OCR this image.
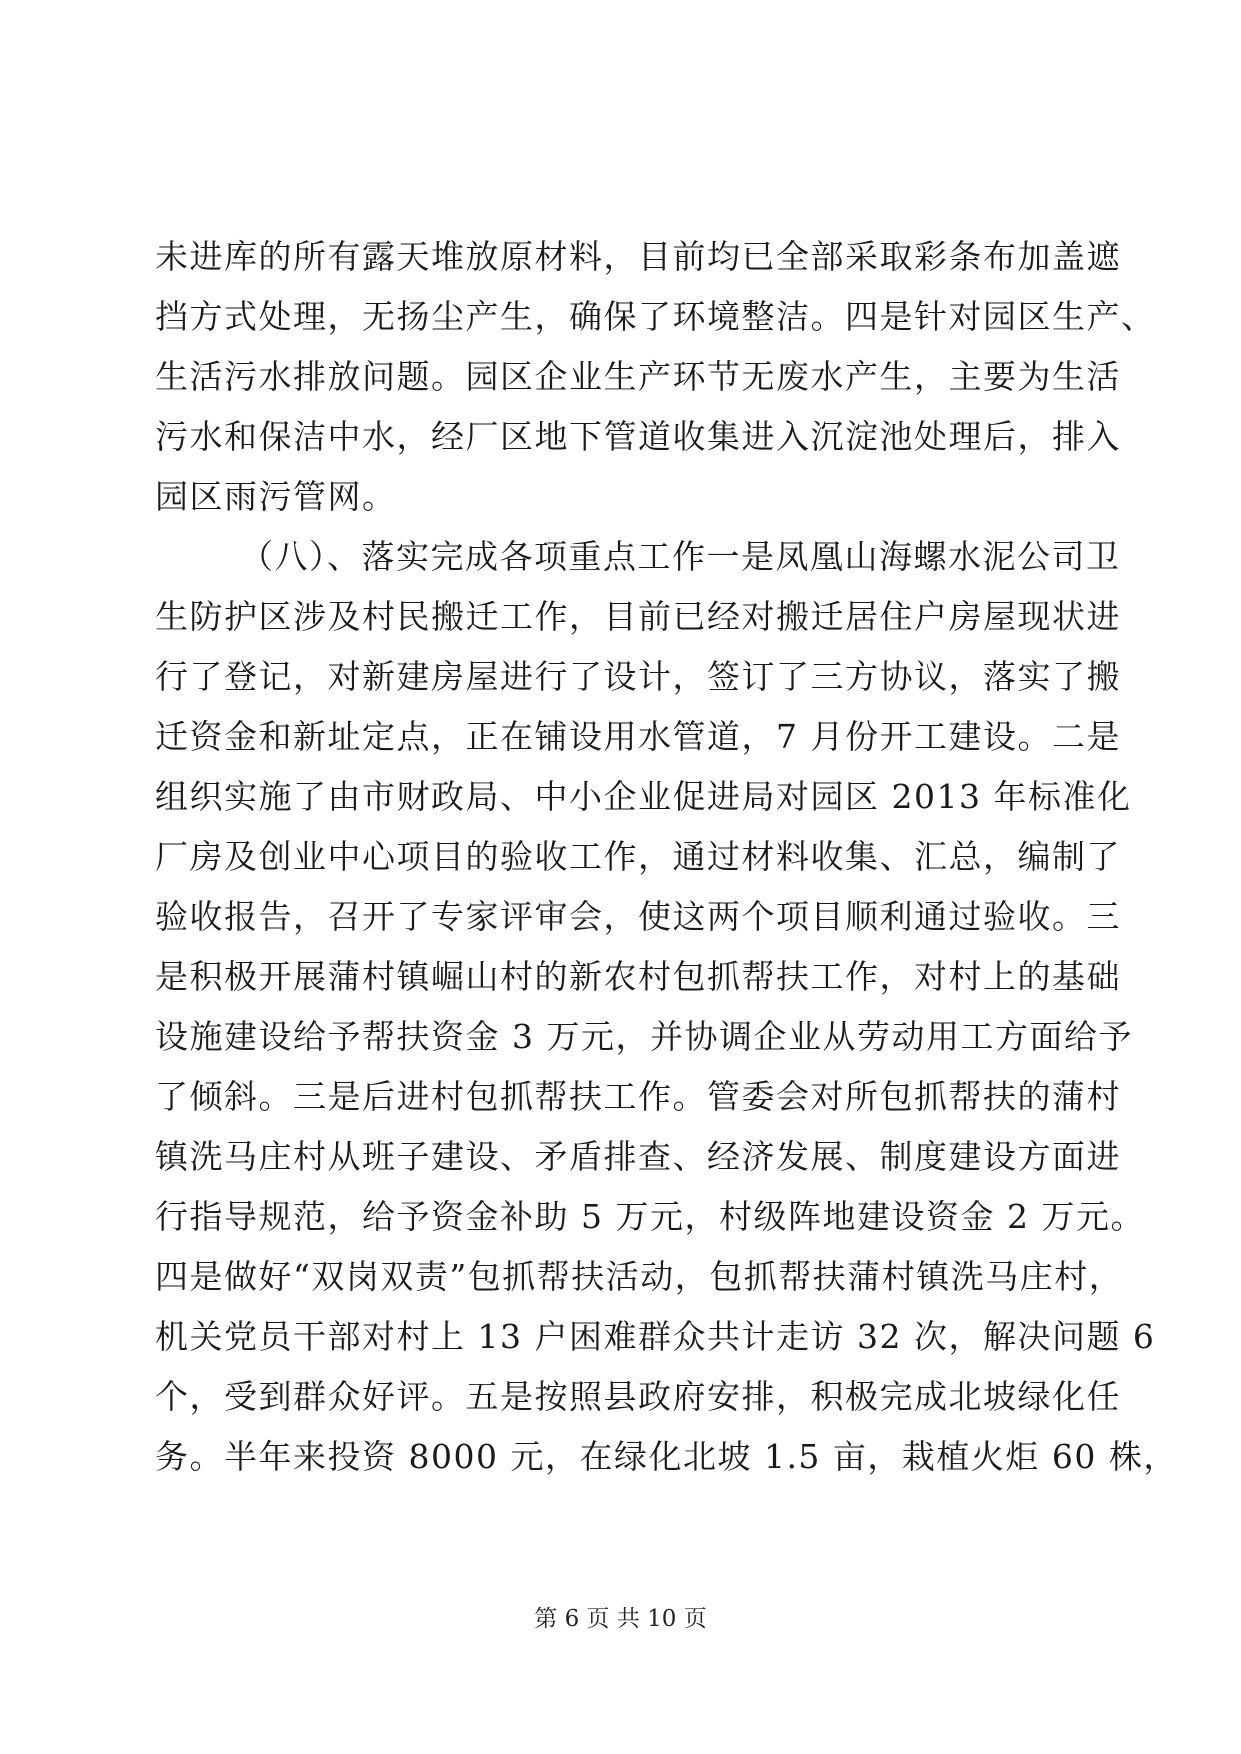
未进库的所有露天堆放原材料，目前均已全部采取彩条布加盖遮
挡方式处理，无扬尘产生，确保了环境整洁。四是针对园区生产、
生活污水排放问题。园区企业生产环节无废水产生，主要为生活
污水和保洁中水，经厂区地下管道收集进入沉淀池处理后，排入
园区雨污管网。
（八）、落实完成各项重点工作一是凤凰山海螺水泥公司卫
生防护区涉及村民搬迁工作，目前已经对搬迁居住户房屋现状进
行了登记，对新建房屋进行了设计，签订了三方协议，落实了搬
迁资金和新址定点，正在铺设用水管道，7 月份开工建设。二是
组织实施了由市财政局、中小企业促进局对园区 2013 年标准化
厂房及创业中心项目的验收工作，通过材料收集、汇总，编制了
验收报告，召开了专家评审会，使这两个项目顺利通过验收。三
是积极开展蒲村镇崛山村的新农村包抓帮扶工作，对村上的基础
设施建设给予帮扶资金 3 万元，并协调企业从劳动用工方面给予
了倾斜。三是后进村包抓帮扶工作。管委会对所包抓帮扶的蒲村
镇洗马庄村从班子建设、矛盾排查、经济发展、制度建设方面进
行指导规范，给予资金补助 5 万元，村级阵地建设资金 2 万元。
四是做好“双岗双责”包抓帮扶活动，包抓帮扶蒲村镇洗马庄村，
机关党员干部对村上 13 户困难群众共计走访 32 次，解决问题 6
个，受到群众好评。五是按照县政府安排，积极完成北坡绿化任
务。半年来投资 8000 元，在绿化北坡 1.5 亩，栽植火炬 60 株，
第 6 页 共 10 页
